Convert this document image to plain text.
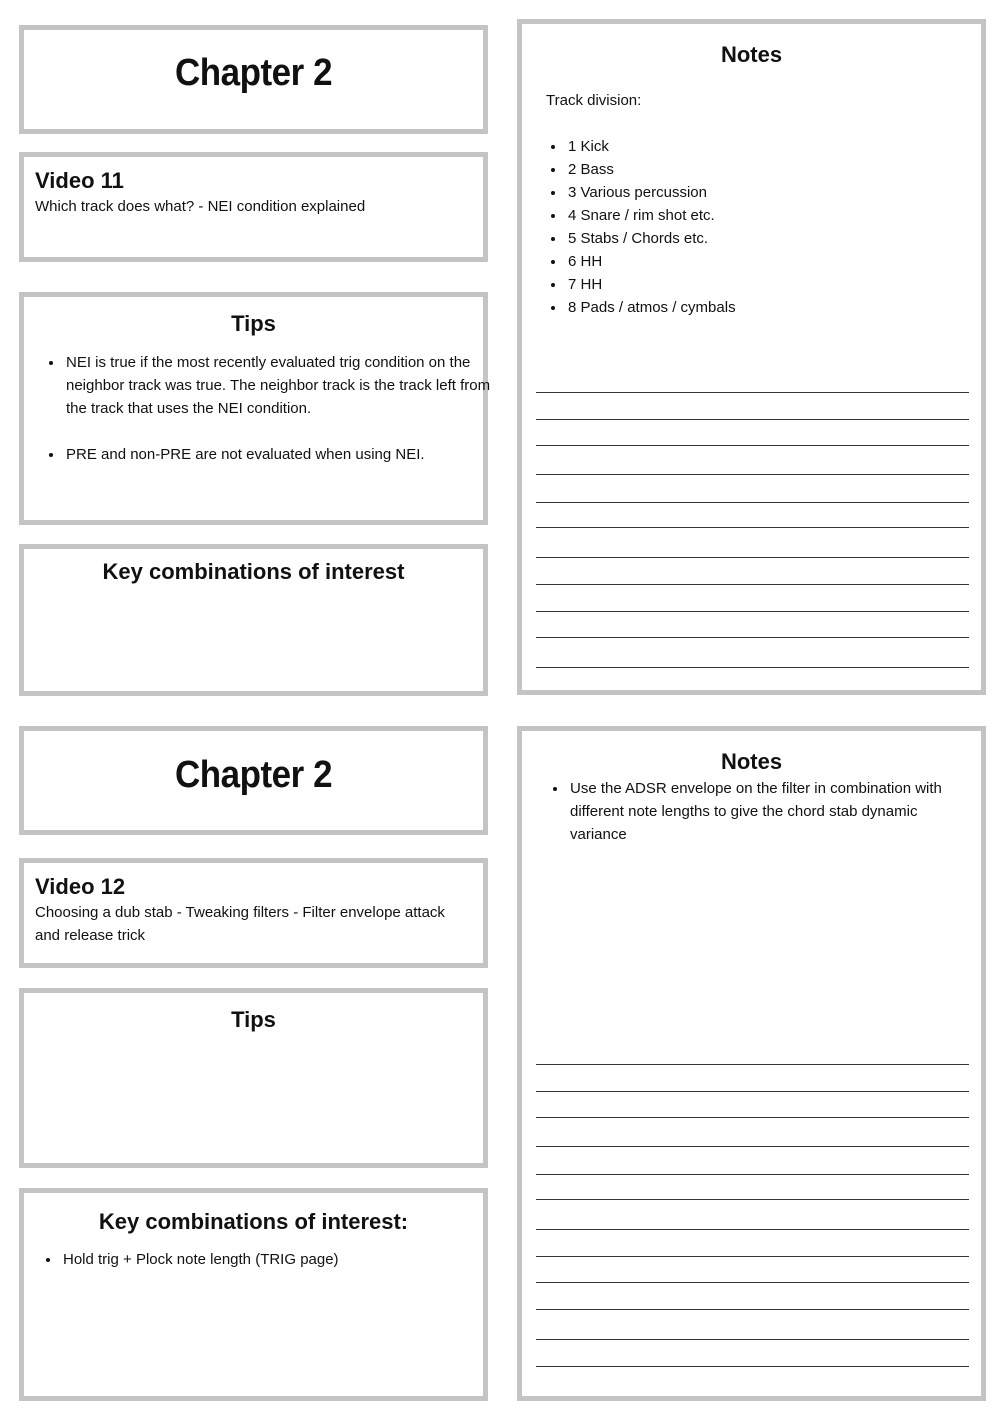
Chapter 2
Video 11
Which track does what? - NEI condition explained
Tips
• NEI is true if the most recently evaluated trig condition on the neighbor track was true. The neighbor track is the track left from the track that uses the NEI condition.
• PRE and non-PRE are not evaluated when using NEI.
Key combinations of interest
Notes
Track division:
• 1 Kick
• 2 Bass
• 3 Various percussion
• 4 Snare / rim shot etc.
• 5 Stabs / Chords etc.
• 6 HH
• 7 HH
• 8 Pads / atmos / cymbals
Chapter 2
Video 12
Choosing a dub stab - Tweaking filters - Filter envelope attack and release trick
Tips
Key combinations of interest:
• Hold trig + Plock note length (TRIG page)
Notes
• Use the ADSR envelope on the filter in combination with different note lengths to give the chord stab dynamic variance
